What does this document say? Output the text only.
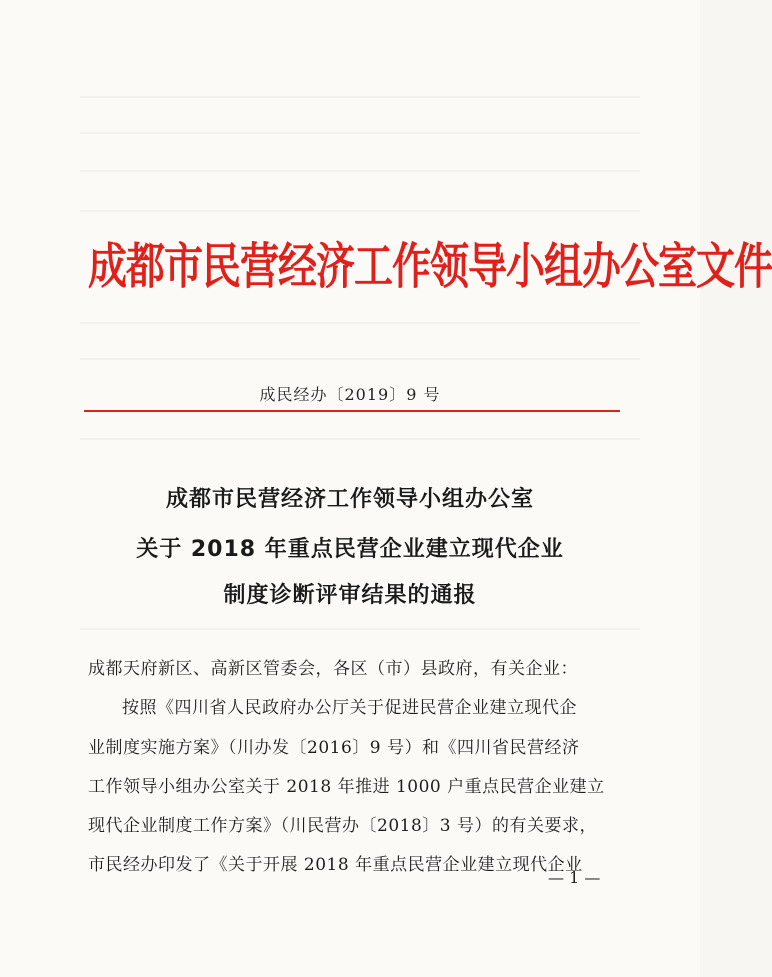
成都市民营经济工作领导小组办公室文件
成民经办〔2019〕9 号
成都市民营经济工作领导小组办公室
关于 2018 年重点民营企业建立现代企业
制度诊断评审结果的通报
成都天府新区、高新区管委会，各区（市）县政府，有关企业：
按照《四川省人民政府办公厅关于促进民营企业建立现代企
业制度实施方案》（川办发〔2016〕9 号）和《四川省民营经济
工作领导小组办公室关于 2018 年推进 1000 户重点民营企业建立
现代企业制度工作方案》（川民营办〔2018〕3 号）的有关要求，
市民经办印发了《关于开展 2018 年重点民营企业建立现代企业
— 1 —
